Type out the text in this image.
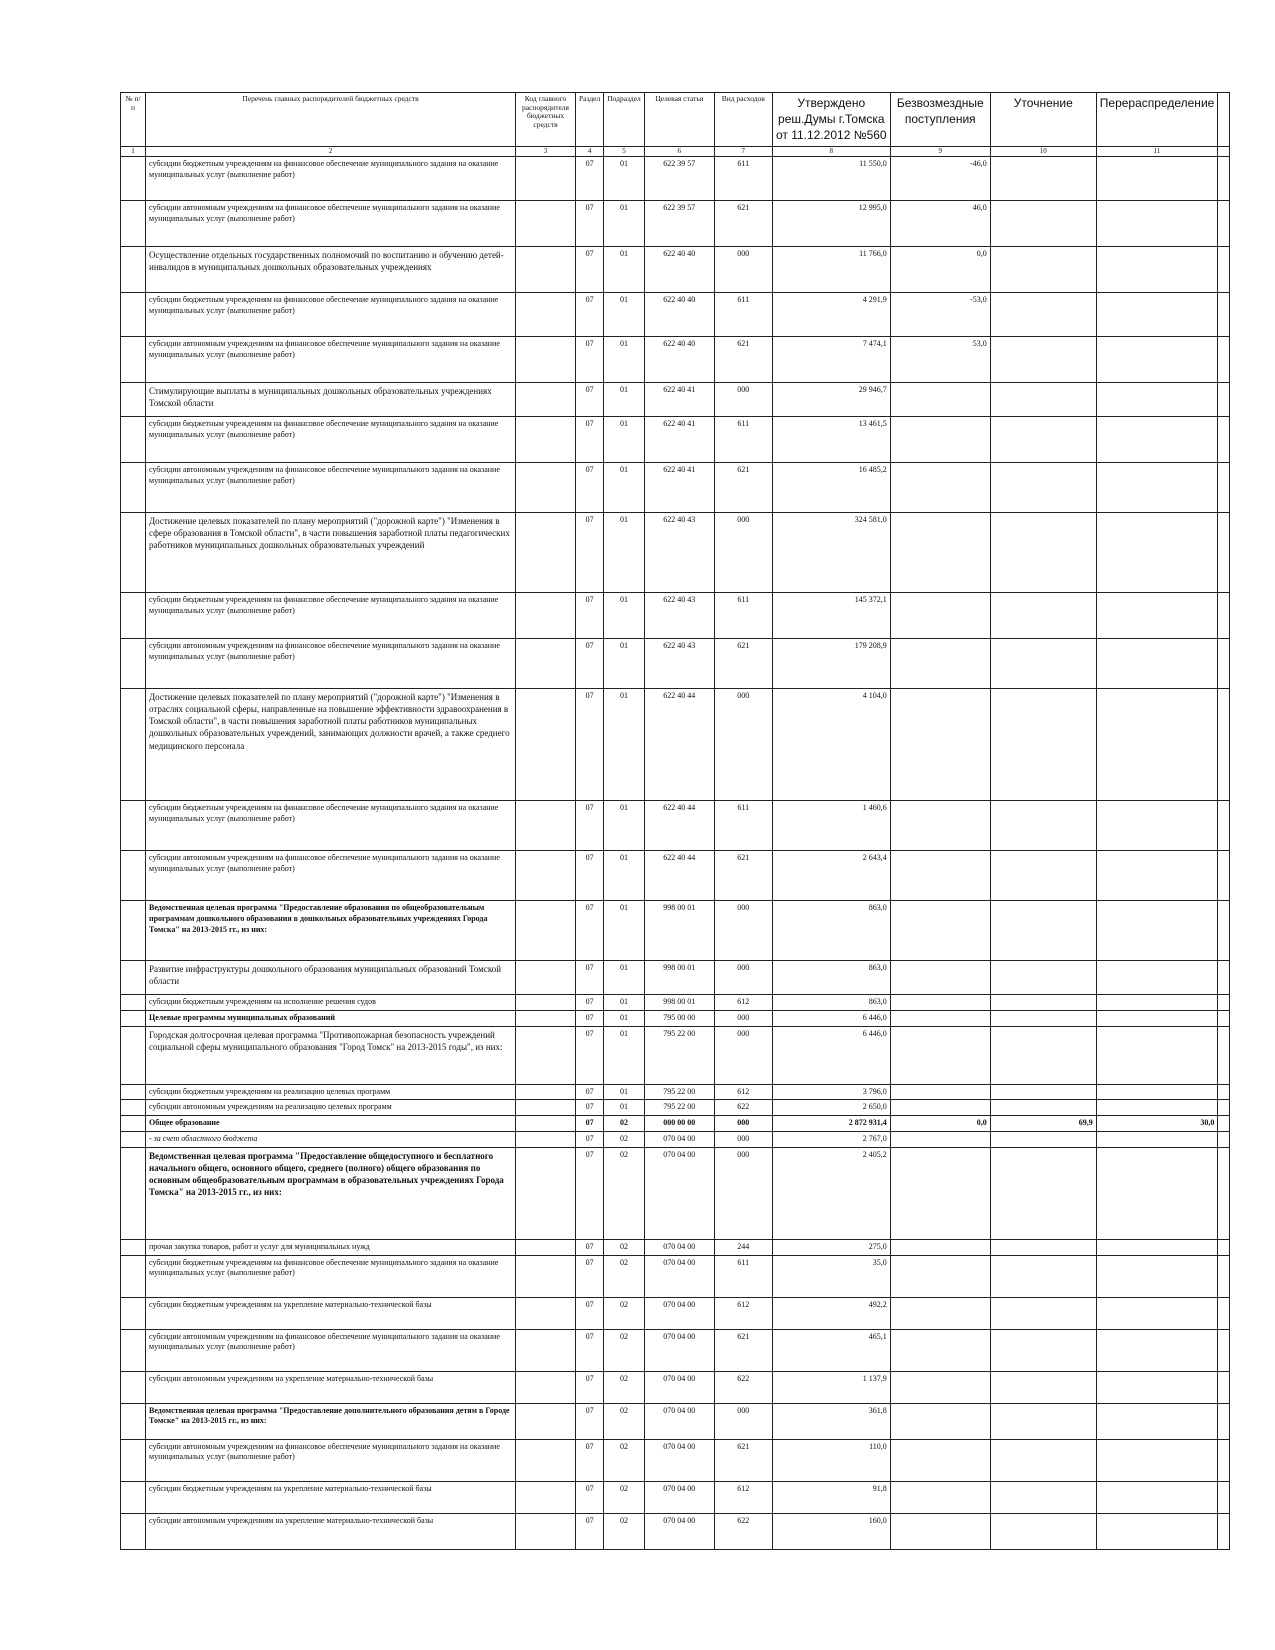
№ п/п	Перечень главных распорядителей бюджетных средств	Код главного распорядителя бюджетных средств	Раздел	Подраздел	Целевая статья	Вид расходов	Утверждено реш.Думы г.Томска от 11.12.2012 №560	Безвозмездные поступления	Уточнение	Перераспределение	
1	2	3	4	5	6	7	8	9	10	11	
	субсидии бюджетным учреждениям на финансовое обеспечение муниципального задания на оказание муниципальных услуг (выполнение работ)		07	01	622 39 57	611	11 550,0	-46,0			
	субсидии автономным учреждениям на финансовое обеспечение муниципального задания на оказание муниципальных услуг (выполнение работ)		07	01	622 39 57	621	12 995,0	46,0			
	Осуществление отдельных государственных полномочий по воспитанию и обучению детей-инвалидов в муниципальных дошкольных образовательных учреждениях		07	01	622 40 40	000	11 766,0	0,0			
	субсидии бюджетным учреждениям на финансовое обеспечение муниципального задания на оказание муниципальных услуг (выполнение работ)		07	01	622 40 40	611	4 291,9	-53,0			
	субсидии автономным учреждениям на финансовое обеспечение муниципального задания на оказание муниципальных услуг (выполнение работ)		07	01	622 40 40	621	7 474,1	53,0			
	Стимулирующие выплаты в муниципальных дошкольных образовательных учреждениях Томской области		07	01	622 40 41	000	29 946,7				
	субсидии бюджетным учреждениям на финансовое обеспечение муниципального задания на оказание муниципальных услуг (выполнение работ)		07	01	622 40 41	611	13 461,5				
	субсидии автономным учреждениям на финансовое обеспечение муниципального задания на оказание муниципальных услуг (выполнение работ)		07	01	622 40 41	621	16 485,2				
	Достижение целевых показателей по плану мероприятий ("дорожной карте") "Изменения в сфере образования в Томской области", в части повышения заработной платы педагогических работников муниципальных дошкольных образовательных учреждений		07	01	622 40 43	000	324 581,0				
	субсидии бюджетным учреждениям на финансовое обеспечение муниципального задания на оказание муниципальных услуг (выполнение работ)		07	01	622 40 43	611	145 372,1				
	субсидии автономным учреждениям на финансовое обеспечение муниципального задания на оказание муниципальных услуг (выполнение работ)		07	01	622 40 43	621	179 208,9				
	Достижение целевых показателей по плану мероприятий ("дорожной карте") "Изменения в отраслях социальной сферы, направленные на повышение эффективности здравоохранения в Томской области", в части повышения заработной платы работников муниципальных дошкольных образовательных учреждений, занимающих должности врачей, а также среднего медицинского персонала		07	01	622 40 44	000	4 104,0				
	субсидии бюджетным учреждениям на финансовое обеспечение муниципального задания на оказание муниципальных услуг (выполнение работ)		07	01	622 40 44	611	1 460,6				
	субсидии автономным учреждениям на финансовое обеспечение муниципального задания на оказание муниципальных услуг (выполнение работ)		07	01	622 40 44	621	2 643,4				
	Ведомственная целевая программа "Предоставление образования по общеобразовательным программам дошкольного образования в дошкольных образовательных учреждениях Города Томска" на 2013-2015 гг., из них:		07	01	998 00 01	000	863,0				
	Развитие инфраструктуры дошкольного образования муниципальных образований Томской области		07	01	998 00 01	000	863,0				
	субсидии бюджетным учреждениям на исполнение решения судов		07	01	998 00 01	612	863,0				
	Целевые программы муниципальных образований		07	01	795 00 00	000	6 446,0				
	Городская долгосрочная целевая программа "Противопожарная безопасность учреждений социальной сферы муниципального образования "Город Томск" на 2013-2015 годы", из них:		07	01	795 22 00	000	6 446,0				
	субсидии бюджетным учреждениям на реализацию целевых программ		07	01	795 22 00	612	3 796,0				
	субсидии автономным учреждениям на реализацию целевых программ		07	01	795 22 00	622	2 650,0				
	Общее образование		07	02	000 00 00	000	2 872 931,4	0,0	69,9	30,0	
	- за счет областного бюджета		07	02	070 04 00	000	2 767,0				
	Ведомственная целевая программа "Предоставление общедоступного и бесплатного начального общего, основного общего, среднего (полного) общего образования по основным общеобразовательным программам в образовательных учреждениях Города Томска" на 2013-2015 гг., из них:		07	02	070 04 00	000	2 405,2				
	прочая закупка товаров, работ и услуг для муниципальных нужд		07	02	070 04 00	244	275,0				
	субсидии бюджетным учреждениям на финансовое обеспечение муниципального задания на оказание муниципальных услуг (выполнение работ)		07	02	070 04 00	611	35,0				
	субсидии бюджетным учреждениям на укрепление материально-технической базы		07	02	070 04 00	612	492,2				
	субсидии автономным учреждениям на финансовое обеспечение муниципального задания на оказание муниципальных услуг (выполнение работ)		07	02	070 04 00	621	465,1				
	субсидии автономным учреждениям на укрепление материально-технической базы		07	02	070 04 00	622	1 137,9				
	Ведомственная целевая программа "Предоставление дополнительного образования детям в Городе Томске" на 2013-2015 гг., из них:		07	02	070 04 00	000	361,8				
	субсидии автономным учреждениям на финансовое обеспечение муниципального задания на оказание муниципальных услуг (выполнение работ)		07	02	070 04 00	621	110,0				
	субсидии бюджетным учреждениям на укрепление материально-технической базы		07	02	070 04 00	612	91,8				
	субсидии автономным учреждениям на укрепление материально-технической базы		07	02	070 04 00	622	160,0				
